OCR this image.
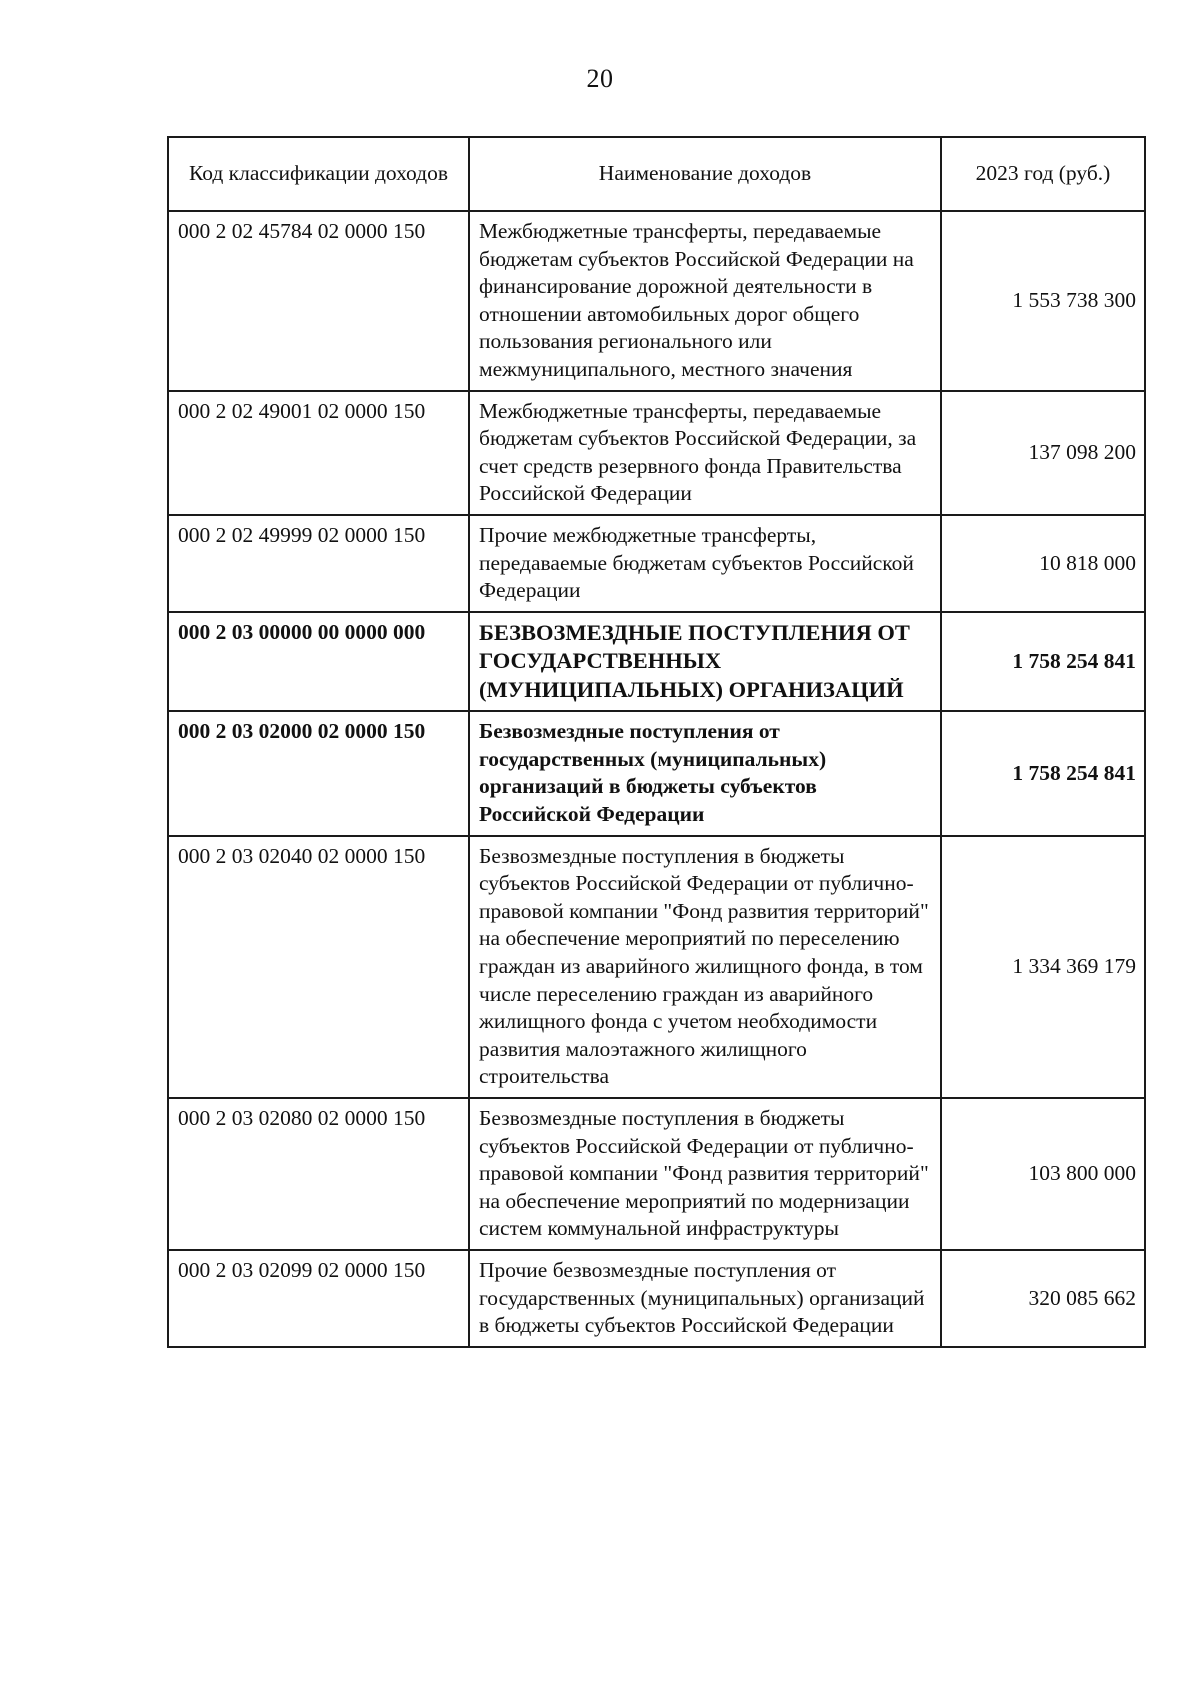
20
Код классификации доходов	Наименование доходов	2023 год (руб.)
000 2 02 45784 02 0000 150	Межбюджетные трансферты, передаваемые бюджетам субъектов Российской Федерации на финансирование дорожной деятельности в отношении автомобильных дорог общего пользования регионального или межмуниципального, местного значения	1 553 738 300
000 2 02 49001 02 0000 150	Межбюджетные трансферты, передаваемые бюджетам субъектов Российской Федерации, за счет средств резервного фонда Правительства Российской Федерации	137 098 200
000 2 02 49999 02 0000 150	Прочие межбюджетные трансферты, передаваемые бюджетам субъектов Российской Федерации	10 818 000
000 2 03 00000 00 0000 000	БЕЗВОЗМЕЗДНЫЕ ПОСТУПЛЕНИЯ ОТ ГОСУДАРСТВЕННЫХ (МУНИЦИПАЛЬНЫХ) ОРГАНИЗАЦИЙ	1 758 254 841
000 2 03 02000 02 0000 150	Безвозмездные поступления от государственных (муниципальных) организаций в бюджеты субъектов Российской Федерации	1 758 254 841
000 2 03 02040 02 0000 150	Безвозмездные поступления в бюджеты субъектов Российской Федерации от публично-правовой компании "Фонд развития территорий" на обеспечение мероприятий по переселению граждан из аварийного жилищного фонда, в том числе переселению граждан из аварийного жилищного фонда с учетом необходимости развития малоэтажного жилищного строительства	1 334 369 179
000 2 03 02080 02 0000 150	Безвозмездные поступления в бюджеты субъектов Российской Федерации от публично-правовой компании "Фонд развития территорий" на обеспечение мероприятий по модернизации систем коммунальной инфраструктуры	103 800 000
000 2 03 02099 02 0000 150	Прочие безвозмездные поступления от государственных (муниципальных) организаций в бюджеты субъектов Российской Федерации	320 085 662
